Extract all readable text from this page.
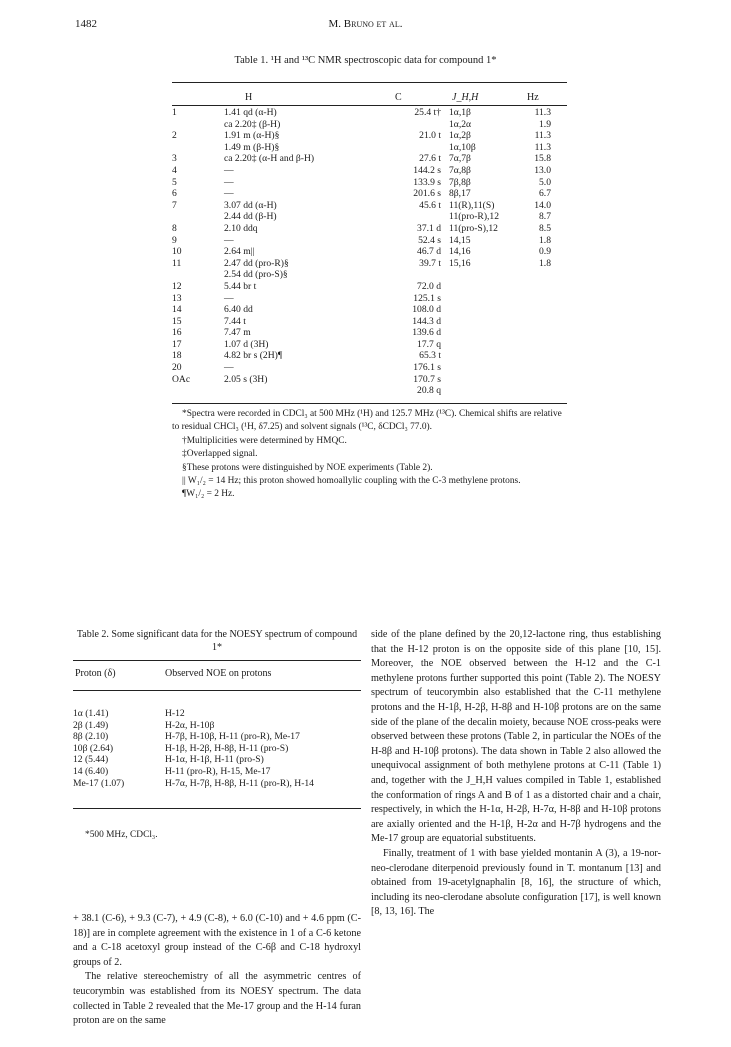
1482	M. Bruno et al.
Table 1. ¹H and ¹³C NMR spectroscopic data for compound 1*
H	C	J_H,H	Hz
1	1.41 qd (α-H)	25.4 t†	1α,1β	11.3
	ca 2.20‡ (β-H)		1α,2α	1.9
2	1.91 m (α-H)§	21.0 t	1α,2β	11.3
	1.49 m (β-H)§		1α,10β	11.3
3	ca 2.20‡ (α-H and β-H)	27.6 t	7α,7β	15.8
4	—	144.2 s	7α,8β	13.0
5	—	133.9 s	7β,8β	5.0
6	—	201.6 s	8β,17	6.7
7	3.07 dd (α-H)	45.6 t	11(R),11(S)	14.0
	2.44 dd (β-H)		11(pro-R),12	8.7
8	2.10 ddq	37.1 d	11(pro-S),12	8.5
9	—	52.4 s	14,15	1.8
10	2.64 m||	46.7 d	14,16	0.9
11	2.47 dd (pro-R)§	39.7 t	15,16	1.8
	2.54 dd (pro-S)§			
12	5.44 br t	72.0 d		
13	—	125.1 s		
14	6.40 dd	108.0 d		
15	7.44 t	144.3 d		
16	7.47 m	139.6 d		
17	1.07 d (3H)	17.7 q		
18	4.82 br s (2H)¶	65.3 t		
20	—	176.1 s		
OAc	2.05 s (3H)	170.7 s		
		20.8 q		

*Spectra were recorded in CDCl₃ at 500 MHz (¹H) and 125.7 MHz (¹³C). Chemical shifts are relative to residual CHCl₃ (¹H, δ7.25) and solvent signals (¹³C, δCDCl₃ 77.0).

†Multiplicities were determined by HMQC.

‡Overlapped signal.

§These protons were distinguished by NOE experiments (Table 2).

|| W₁/₂ = 14 Hz; this proton showed homoallylic coupling with the C-3 methylene protons.

¶W₁/₂ = 2 Hz.

Table 2. Some significant data for the NOESY spectrum of compound 1*
Proton (δ)	Observed NOE on protons
1α (1.41)	H-12
2β (1.49)	H-2α, H-10β
8β (2.10)	H-7β, H-10β, H-11 (pro-R), Me-17
10β (2.64)	H-1β, H-2β, H-8β, H-11 (pro-S)
12 (5.44)	H-1α, H-1β, H-11 (pro-S)
14 (6.40)	H-11 (pro-R), H-15, Me-17
Me-17 (1.07)	H-7α, H-7β, H-8β, H-11 (pro-R), H-14
*500 MHz, CDCl₃.

+ 38.1 (C-6), + 9.3 (C-7), + 4.9 (C-8), + 6.0 (C-10) and + 4.6 ppm (C-18)] are in complete agreement with the existence in 1 of a C-6 ketone and a C-18 acetoxyl group instead of the C-6β and C-18 hydroxyl groups of 2.

The relative stereochemistry of all the asymmetric centres of teucorymbin was established from its NOESY spectrum. The data collected in Table 2 revealed that the Me-17 group and the H-14 furan proton are on the same

side of the plane defined by the 20,12-lactone ring, thus establishing that the H-12 proton is on the opposite side of this plane [10, 15]. Moreover, the NOE observed between the H-12 and the C-1 methylene protons further supported this point (Table 2). The NOESY spectrum of teucorymbin also established that the C-11 methylene protons and the H-1β, H-2β, H-8β and H-10β protons are on the same side of the plane of the decalin moiety, because NOE cross-peaks were observed between these protons (Table 2, in particular the NOEs of the H-8β and H-10β protons). The data shown in Table 2 also allowed the unequivocal assignment of both methylene protons at C-11 (Table 1) and, together with the J_H,H values compiled in Table 1, established the conformation of rings A and B of 1 as a distorted chair and a chair, respectively, in which the H-1α, H-2β, H-7α, H-8β and H-10β protons are axially oriented and the H-1β, H-2α and H-7β hydrogens and the Me-17 group are equatorial substituents.

Finally, treatment of 1 with base yielded montanin A (3), a 19-nor-neo-clerodane diterpenoid previously found in T. montanum [13] and obtained from 19-acetylgnaphalin [8, 16], the structure of which, including its neo-clerodane absolute configuration [17], is well known [8, 13, 16]. The
